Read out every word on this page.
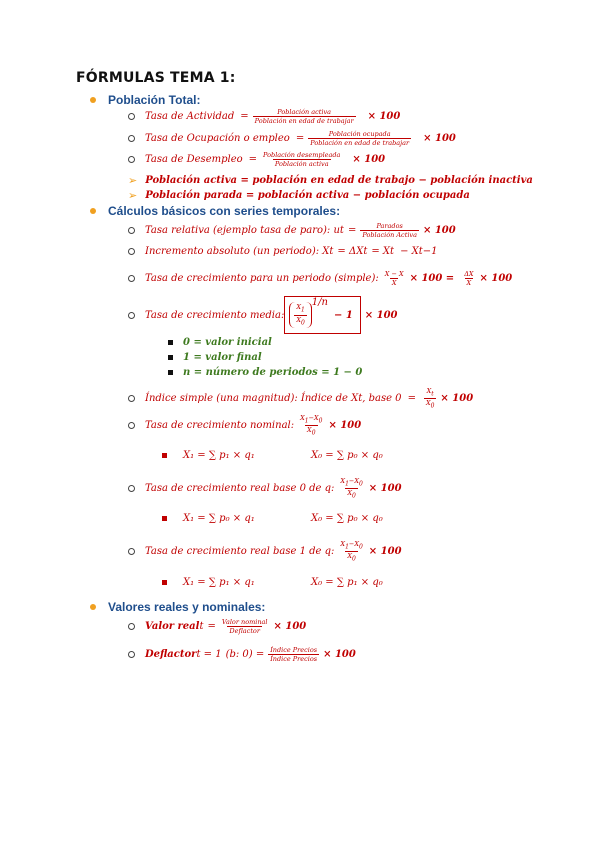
FÓRMULAS TEMA 1:
Población Total:
Tasa de Actividad = $\frac{\text{Población activa}}{\text{Población en edad de trabajar}} \times 100$
Tasa de Ocupación o empleo = $\frac{\text{Población ocupada}}{\text{Población en edad de trabajar}} \times 100$
Tasa de Desempleo = $\frac{\text{Población desempleada}}{\text{Población activa}} \times 100$
➢ Población activa = población en edad de trabajo − población inactiva
➢ Población parada = población activa − población ocupada
Cálculos básicos con series temporales:
Tasa relativa (ejemplo tasa de paro): u $t = \frac{\text{Parados}}{\text{Población Activa}} \times 100$
Incremento absoluto (un periodo): X t = ΔX t = X t − X t−1
Tasa de crecimiento para un periodo (simple): $\frac{X - X}{X} \times 100 = \frac{\Delta X}{X} \times 100$
Tasa de crecimiento media: $\frac{X_1}{X_0}$
$^{1/n}$
− 1 × 100
0 = valor inicial
1 = valor final
n = número de periodos = 1 − 0
Índice simple (una magnitud): Índice de X t, base $0 = \frac{X_t}{X_0} \times 100$
Tasa de crecimiento nominal: $\frac{X_1-X_0}{X_0} \times 100$
X₁ = ∑ p₁ × q₁	X₀ = ∑ p₀ × q₀
Tasa de crecimiento real base 0 de q: $\frac{X_1-X_0}{X_0} \times 100$
X₁ = ∑ p₀ × q₁	X₀ = ∑ p₀ × q₀
Tasa de crecimiento real base 1 de q: $\frac{X_1-X_0}{X_0} \times 100$
X₁ = ∑ p₁ × q₁	X₀ = ∑ p₁ × q₀
Valores reales y nominales:
Valor real $t = \frac{\text{Valor nominal}}{\text{Deflactor}} \times 100$
Deflactor t = 1 (b: $0) = \frac{\text{Índice Precios}}{\text{Índice Precios}} \times 100$
